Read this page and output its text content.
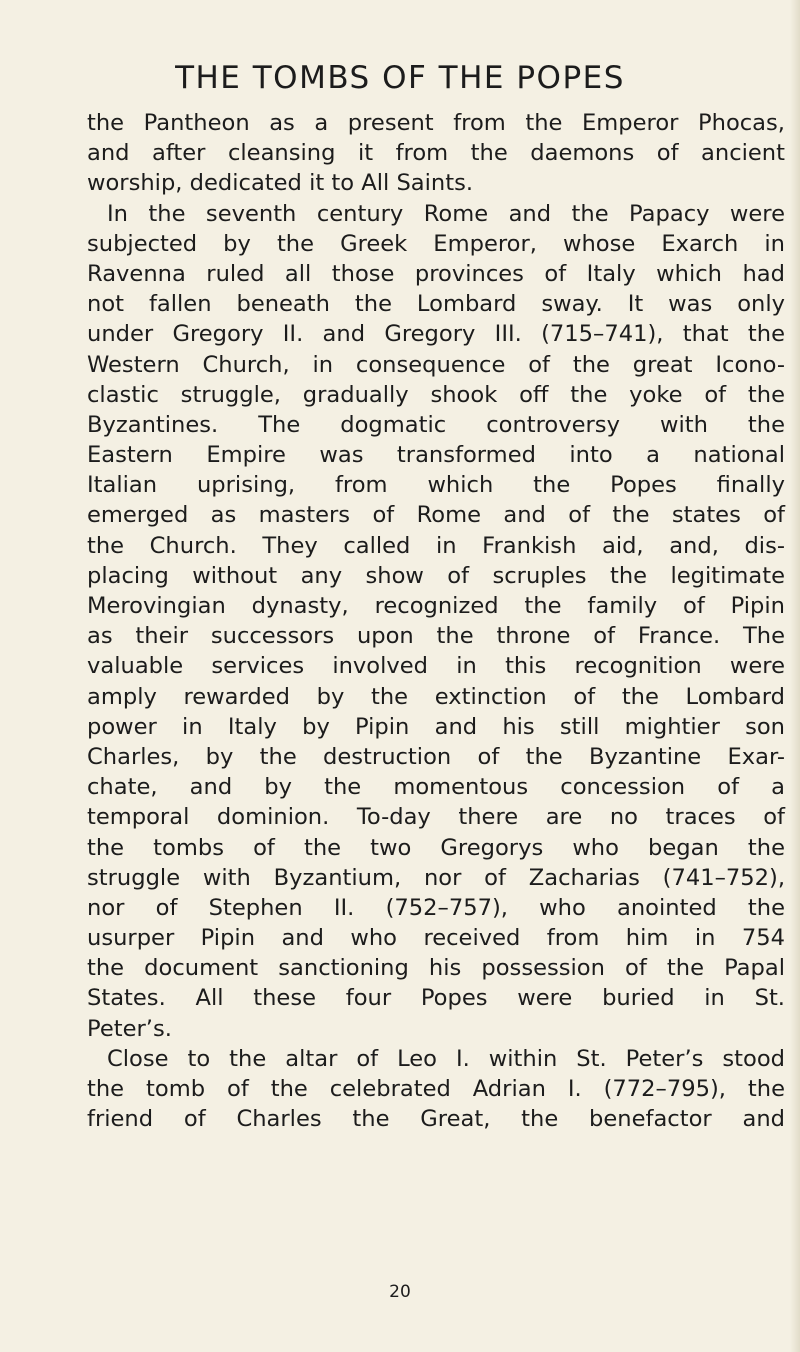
THE TOMBS OF THE POPES
the Pantheon as a present from the Emperor Phocas,
and after cleansing it from the daemons of ancient
worship, dedicated it to All Saints.
In the seventh century Rome and the Papacy were
subjected by the Greek Emperor, whose Exarch in
Ravenna ruled all those provinces of Italy which had
not fallen beneath the Lombard sway. It was only
under Gregory II. and Gregory III. (715–741), that the
Western Church, in consequence of the great Icono-
clastic struggle, gradually shook off the yoke of the
Byzantines. The dogmatic controversy with the
Eastern Empire was transformed into a national
Italian uprising, from which the Popes finally
emerged as masters of Rome and of the states of
the Church. They called in Frankish aid, and, dis-
placing without any show of scruples the legitimate
Merovingian dynasty, recognized the family of Pipin
as their successors upon the throne of France. The
valuable services involved in this recognition were
amply rewarded by the extinction of the Lombard
power in Italy by Pipin and his still mightier son
Charles, by the destruction of the Byzantine Exar-
chate, and by the momentous concession of a
temporal dominion. To-day there are no traces of
the tombs of the two Gregorys who began the
struggle with Byzantium, nor of Zacharias (741–752),
nor of Stephen II. (752–757), who anointed the
usurper Pipin and who received from him in 754
the document sanctioning his possession of the Papal
States. All these four Popes were buried in St.
Peter’s.
Close to the altar of Leo I. within St. Peter’s stood
the tomb of the celebrated Adrian I. (772–795), the
friend of Charles the Great, the benefactor and
20
